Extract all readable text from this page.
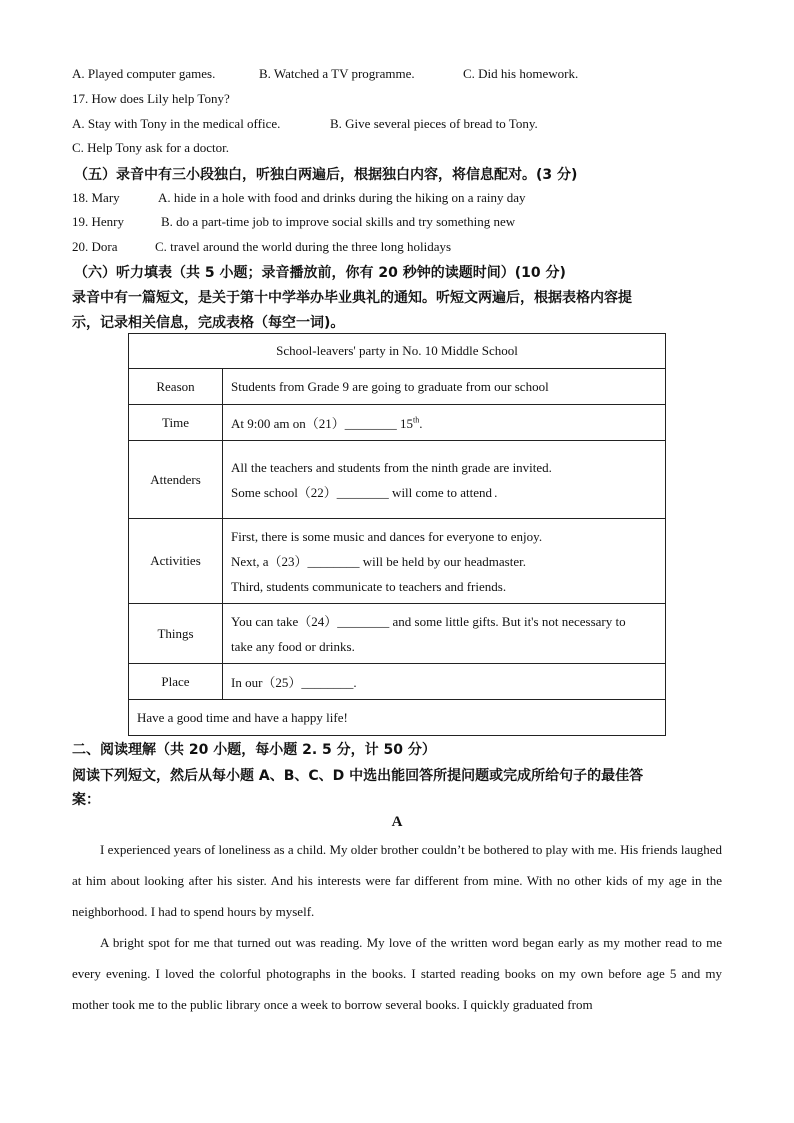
A. Played computer games.	B. Watched a TV programme.	C. Did his homework.
17. How does Lily help Tony?
A. Stay with Tony in the medical office.	B. Give several pieces of bread to Tony.
C. Help Tony ask for a doctor.
（五）录音中有三小段独白，听独白两遍后，根据独白内容，将信息配对。(3 分)
18. Mary	A. hide in a hole with food and drinks during the hiking on a rainy day
19. Henry	B. do a part-time job to improve social skills and try something new
20. Dora	C. travel around the world during the three long holidays
（六）听力填表（共 5 小题；录音播放前，你有 20 秒钟的读题时间）(10 分)
录音中有一篇短文，是关于第十中学举办毕业典礼的通知。听短文两遍后，根据表格内容提
示，记录相关信息，完成表格（每空一词)。
School-leavers' party in No. 10 Middle School	
Reason	Students from Grade 9 are going to graduate from our school
Time	At 9:00 am on（21）________ 15th.
Attenders	All the teachers and students from the ninth grade are invited.

Some school（22）________ will come to attend .

Activities	First, there is some music and dances for everyone to enjoy.

Next, a（23）________ will be held by our headmaster.

Third, students communicate to teachers and friends.

Things	You can take（24）________ and some little gifts. But it's not necessary to

take any food or drinks.

Place	In our（25）________.
Have a good time and have a happy life!	
二、阅读理解（共 20 小题，每小题 2. 5 分，计 50 分）
阅读下列短文，然后从每小题 A、B、C、D 中选出能回答所提问题或完成所给句子的最佳答
案：
A

I experienced years of loneliness as a child. My older brother couldn’t be bothered to play with me. His friends laughed at him about looking after his sister. And his interests were far different from mine. With no other kids of my age in the neighborhood. I had to spend hours by myself.

A bright spot for me that turned out was reading. My love of the written word began early as my mother read to me every evening. I loved the colorful photographs in the books. I started reading books on my own before age 5 and my mother took me to the public library once a week to borrow several books. I quickly graduated from
